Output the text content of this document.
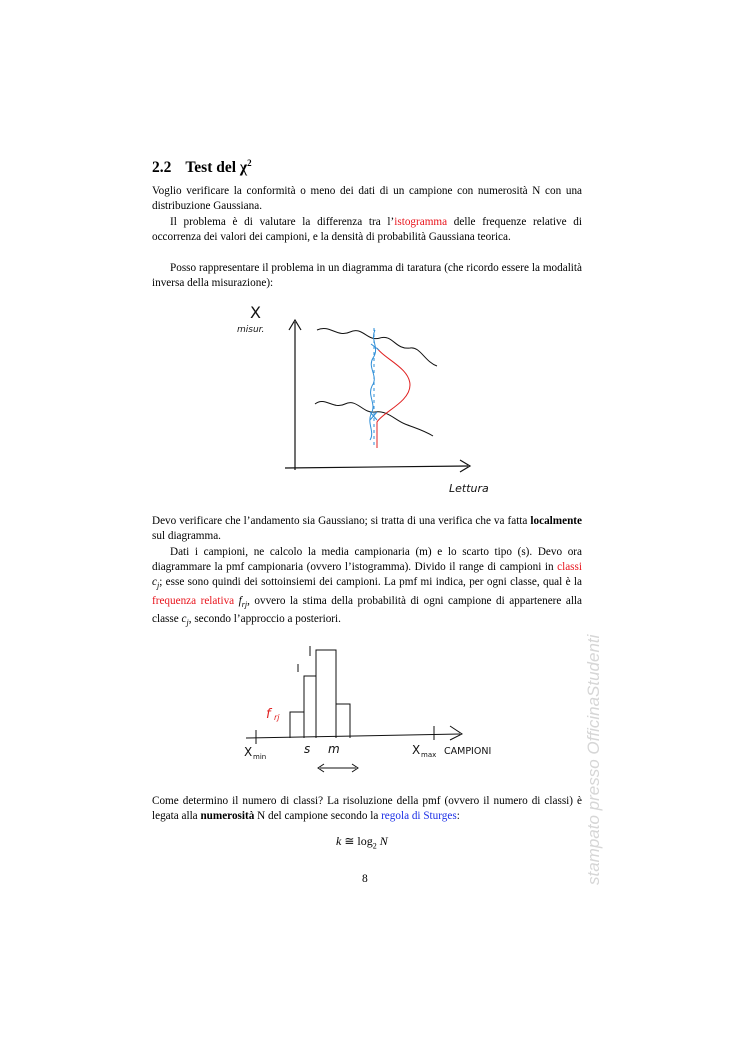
2.2 Test del $\chi^2$
Voglio verificare la conformità o meno dei dati di un campione con numerosità N con una distribuzione Gaussiana.
Il problema è di valutare la differenza tra l’istogramma delle frequenze relative di occorrenza dei valori dei campioni, e la densità di probabilità Gaussiana teorica.
Posso rappresentare il problema in un diagramma di taratura (che ricordo essere la modalità inversa della misurazione):
X
misur.
Lettura
Devo verificare che l’andamento sia Gaussiano; si tratta di una verifica che va fatta localmente sul diagramma.
Dati i campioni, ne calcolo la media campionaria (m) e lo scarto tipo (s). Devo ora diagrammare la pmf campionaria (ovvero l’istogramma). Divido il range di campioni in classi $c_j$; esse sono quindi dei sottoinsiemi dei campioni. La pmf mi indica, per ogni classe, qual è la frequenza relativa $f_{rj}$, ovvero la stima della probabilità di ogni campione di appartenere alla classe $c_j$, secondo l’approccio a posteriori.
f rj
X min
s m	X max CAMPIONI
Come determino il numero di classi? La risoluzione della pmf (ovvero il numero di classi) è legata alla numerosità N del campione secondo la regola di Sturges:
k ≅ $\log_2 N$
8	stampato presso OfficinaStudenti
